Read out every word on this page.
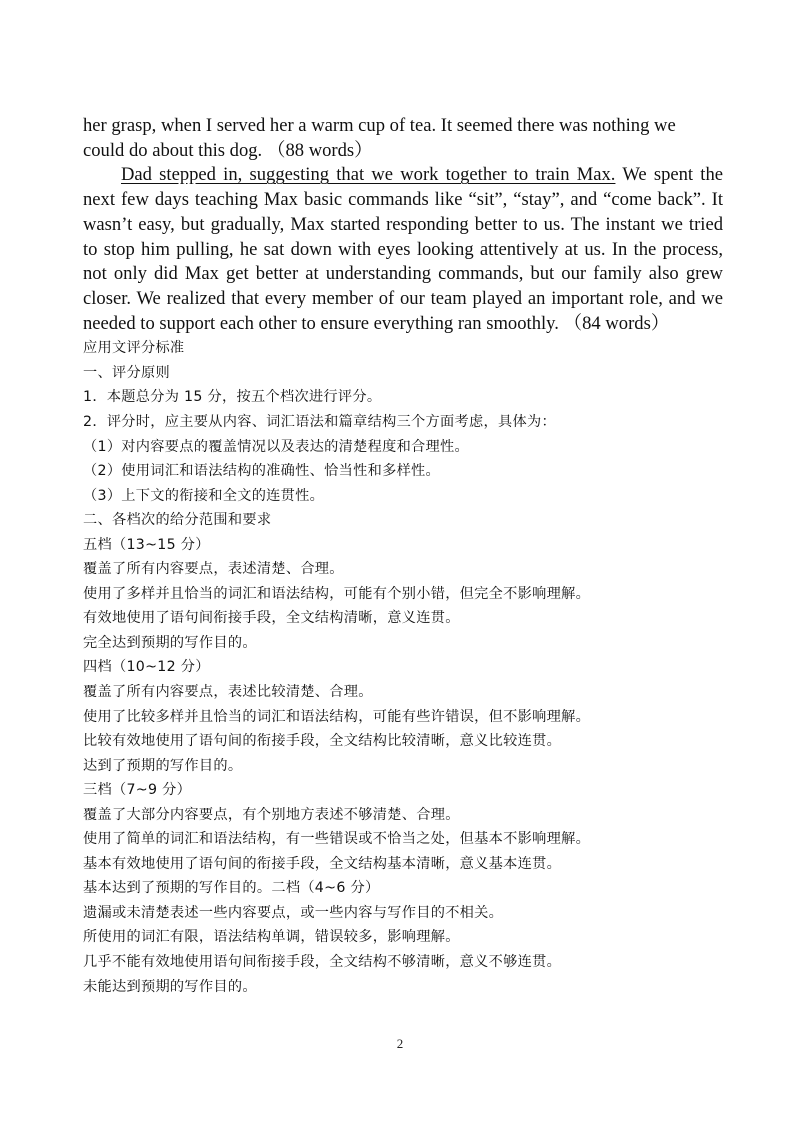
her grasp, when I served her a warm cup of tea. It seemed there was nothing we

could do about this dog. （88 words）

Dad stepped in, suggesting that we work together to train Max. We spent the next few days teaching Max basic commands like “sit”, “stay”, and “come back”. It wasn’t easy, but gradually, Max started responding better to us. The instant we tried to stop him pulling, he sat down with eyes looking attentively at us. In the process, not only did Max get better at understanding commands, but our family also grew closer. We realized that every member of our team played an important role, and we needed to support each other to ensure everything ran smoothly. （84 words）

应用文评分标准

一、评分原则

1．本题总分为 15 分，按五个档次进行评分。

2．评分时，应主要从内容、词汇语法和篇章结构三个方面考虑，具体为：

（1）对内容要点的覆盖情况以及表达的清楚程度和合理性。

（2）使用词汇和语法结构的准确性、恰当性和多样性。

（3）上下文的衔接和全文的连贯性。

二、各档次的给分范围和要求

五档（13~15 分）

覆盖了所有内容要点，表述清楚、合理。

使用了多样并且恰当的词汇和语法结构，可能有个别小错，但完全不影响理解。

有效地使用了语句间衔接手段，全文结构清晰，意义连贯。

完全达到预期的写作目的。

四档（10~12 分）

覆盖了所有内容要点，表述比较清楚、合理。

使用了比较多样并且恰当的词汇和语法结构，可能有些许错误，但不影响理解。

比较有效地使用了语句间的衔接手段，全文结构比较清晰，意义比较连贯。

达到了预期的写作目的。

三档（7~9 分）

覆盖了大部分内容要点，有个别地方表述不够清楚、合理。

使用了简单的词汇和语法结构，有一些错误或不恰当之处，但基本不影响理解。

基本有效地使用了语句间的衔接手段，全文结构基本清晰，意义基本连贯。

基本达到了预期的写作目的。二档（4~6 分）

遗漏或未清楚表述一些内容要点，或一些内容与写作目的不相关。

所使用的词汇有限，语法结构单调，错误较多，影响理解。

几乎不能有效地使用语句间衔接手段，全文结构不够清晰，意义不够连贯。

未能达到预期的写作目的。

2
